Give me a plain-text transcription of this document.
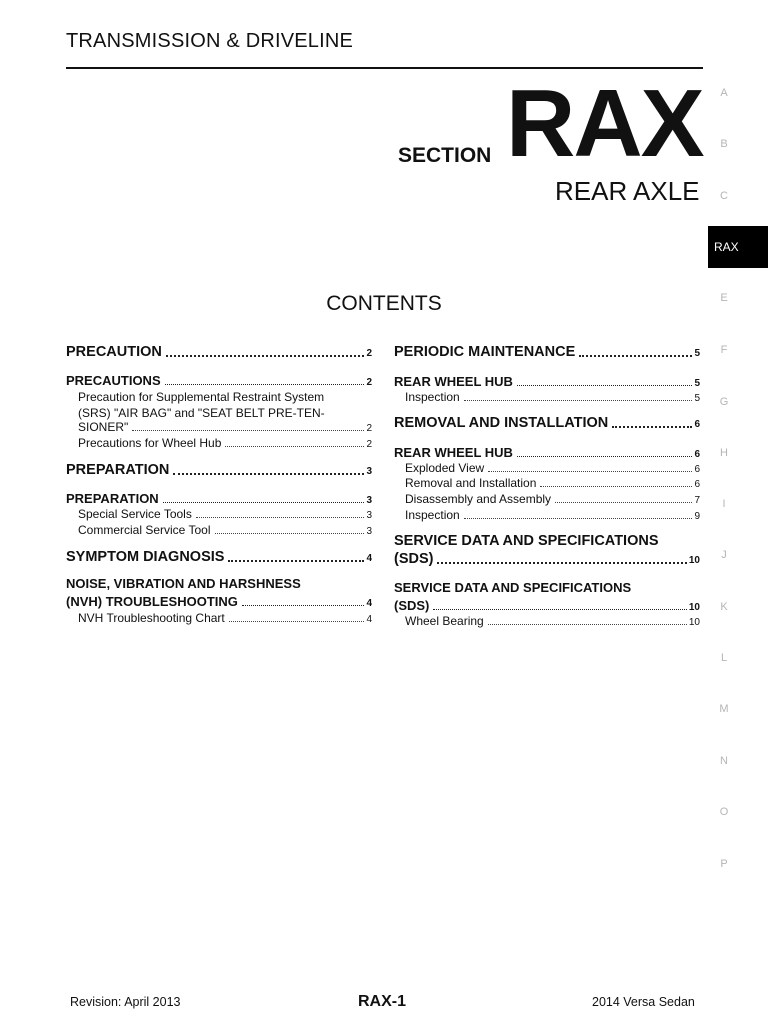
TRANSMISSION & DRIVELINE
SECTION RAX
REAR AXLE
CONTENTS
PRECAUTION	2
PRECAUTIONS	2
Precaution for Supplemental Restraint System
(SRS) "AIR BAG" and "SEAT BELT PRE-TEN-
SIONER"	2
Precautions for Wheel Hub	2
PREPARATION	3
PREPARATION	3
Special Service Tools	3
Commercial Service Tool	3
SYMPTOM DIAGNOSIS	4
NOISE, VIBRATION AND HARSHNESS
(NVH) TROUBLESHOOTING	4
NVH Troubleshooting Chart	4
PERIODIC MAINTENANCE	5
REAR WHEEL HUB	5
Inspection	5
REMOVAL AND INSTALLATION	6
REAR WHEEL HUB	6
Exploded View	6
Removal and Installation	6
Disassembly and Assembly	7
Inspection	9
SERVICE DATA AND SPECIFICATIONS
(SDS)	10
SERVICE DATA AND SPECIFICATIONS
(SDS)	10
Wheel Bearing	10
A
B
C
RAX
E
F
G
H
I
J
K
L
M
N
O
P
Revision: April 2013	RAX-1	2014 Versa Sedan
